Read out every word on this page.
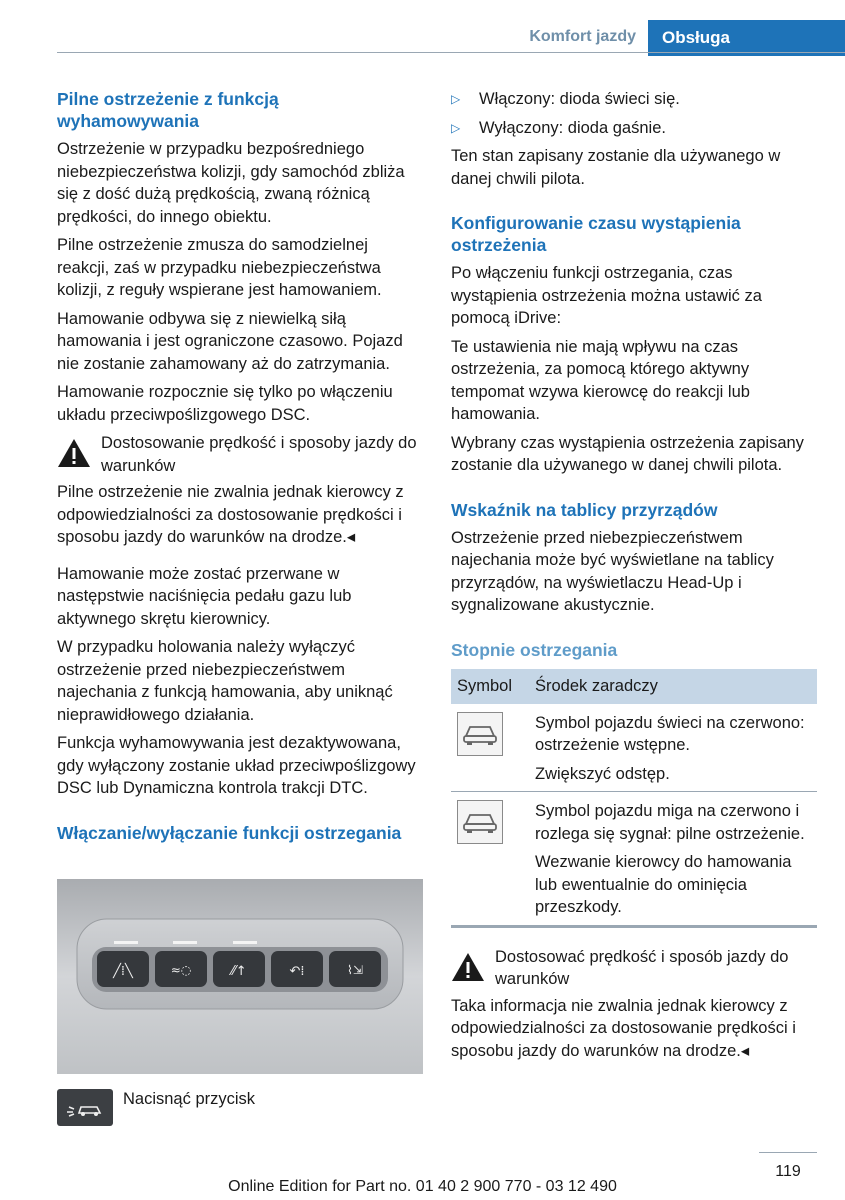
Komfort jazdy	Obsługa
Pilne ostrzeżenie z funkcją wyhamowywania

Ostrzeżenie w przypadku bezpośredniego niebezpieczeństwa kolizji, gdy samochód zbliża się z dość dużą prędkością, zwaną różnicą prędkości, do innego obiektu.

Pilne ostrzeżenie zmusza do samodzielnej reakcji, zaś w przypadku niebezpieczeństwa kolizji, z reguły wspierane jest hamowaniem.

Hamowanie odbywa się z niewielką siłą hamowania i jest ograniczone czasowo. Pojazd nie zostanie zahamowany aż do zatrzymania.

Hamowanie rozpocznie się tylko po włączeniu układu przeciwpoślizgowego DSC.

Dostosowanie prędkość i sposoby jazdy do warunków

Pilne ostrzeżenie nie zwalnia jednak kierowcy z odpowiedzialności za dostosowanie prędkości i sposobu jazdy do warunków na drodze.◂

Hamowanie może zostać przerwane w następstwie naciśnięcia pedału gazu lub aktywnego skrętu kierownicy.

W przypadku holowania należy wyłączyć ostrzeżenie przed niebezpieczeństwem najechania z funkcją hamowania, aby uniknąć nieprawidłowego działania.

Funkcja wyhamowywania jest dezaktywowana, gdy wyłączony zostanie układ przeciwpoślizgowy DSC lub Dynamiczna kontrola trakcji DTC.

Włączanie/wyłączanie funkcji ostrzegania
╱⁞╲	≈◌	⁄⁄↑	↶⁞	⌇⇲
Nacisnąć przycisk
▷	Włączony: dioda świeci się.
▷	Wyłączony: dioda gaśnie.

Ten stan zapisany zostanie dla używanego w danej chwili pilota.

Konfigurowanie czasu wystąpienia ostrzeżenia

Po włączeniu funkcji ostrzegania, czas wystąpienia ostrzeżenia można ustawić za pomocą iDrive:

Te ustawienia nie mają wpływu na czas ostrzeżenia, za pomocą którego aktywny tempomat wzywa kierowcę do reakcji lub hamowania.

Wybrany czas wystąpienia ostrzeżenia zapisany zostanie dla używanego w danej chwili pilota.

Wskaźnik na tablicy przyrządów

Ostrzeżenie przed niebezpieczeństwem najechania może być wyświetlane na tablicy przyrządów, na wyświetlaczu Head-Up i sygnalizowane akustycznie.

Stopnie ostrzegania
Symbol	Środek zaradczy

Symbol pojazdu świeci na czerwono: ostrzeżenie wstępne.
Zwiększyć odstęp.

Symbol pojazdu miga na czerwono i rozlega się sygnał: pilne ostrzeżenie.
Wezwanie kierowcy do hamowania lub ewentualnie do ominięcia przeszkody.
Dostosować prędkość i sposób jazdy do warunków

Taka informacja nie zwalnia jednak kierowcy z odpowiedzialności za dostosowanie prędkości i sposobu jazdy do warunków na drodze.◂

119
Online Edition for Part no. 01 40 2 900 770 - 03 12 490
